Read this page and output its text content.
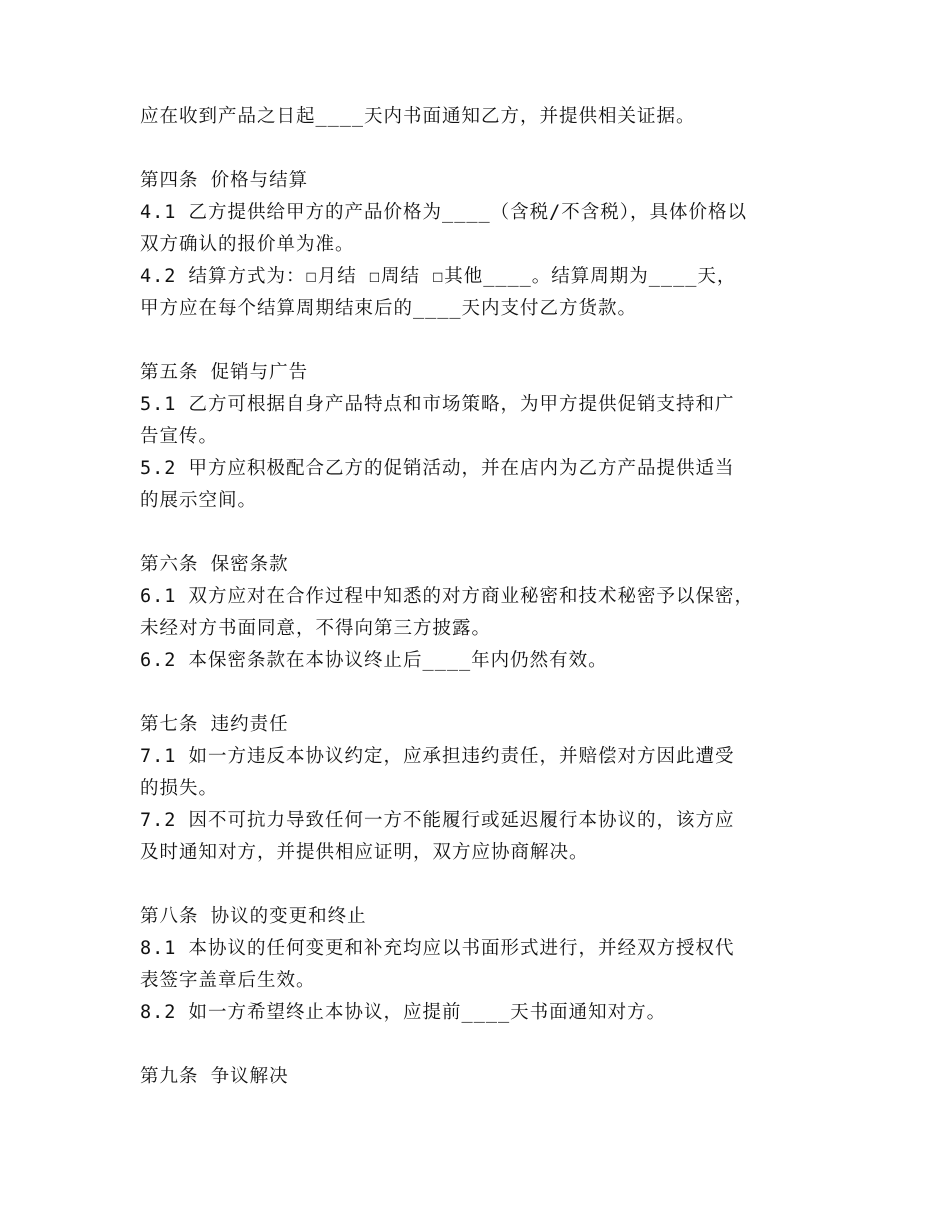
应在收到产品之日起____天内书面通知乙方，并提供相关证据。
第四条 价格与结算
4.1 乙方提供给甲方的产品价格为____（含税/不含税），具体价格以
双方确认的报价单为准。
4.2 结算方式为：☐月结 ☐周结 ☐其他____。结算周期为____天，
甲方应在每个结算周期结束后的____天内支付乙方货款。
第五条 促销与广告
5.1 乙方可根据自身产品特点和市场策略，为甲方提供促销支持和广
告宣传。
5.2 甲方应积极配合乙方的促销活动，并在店内为乙方产品提供适当
的展示空间。
第六条 保密条款
6.1 双方应对在合作过程中知悉的对方商业秘密和技术秘密予以保密，
未经对方书面同意，不得向第三方披露。
6.2 本保密条款在本协议终止后____年内仍然有效。
第七条 违约责任
7.1 如一方违反本协议约定，应承担违约责任，并赔偿对方因此遭受
的损失。
7.2 因不可抗力导致任何一方不能履行或延迟履行本协议的，该方应
及时通知对方，并提供相应证明，双方应协商解决。
第八条 协议的变更和终止
8.1 本协议的任何变更和补充均应以书面形式进行，并经双方授权代
表签字盖章后生效。
8.2 如一方希望终止本协议，应提前____天书面通知对方。
第九条 争议解决
